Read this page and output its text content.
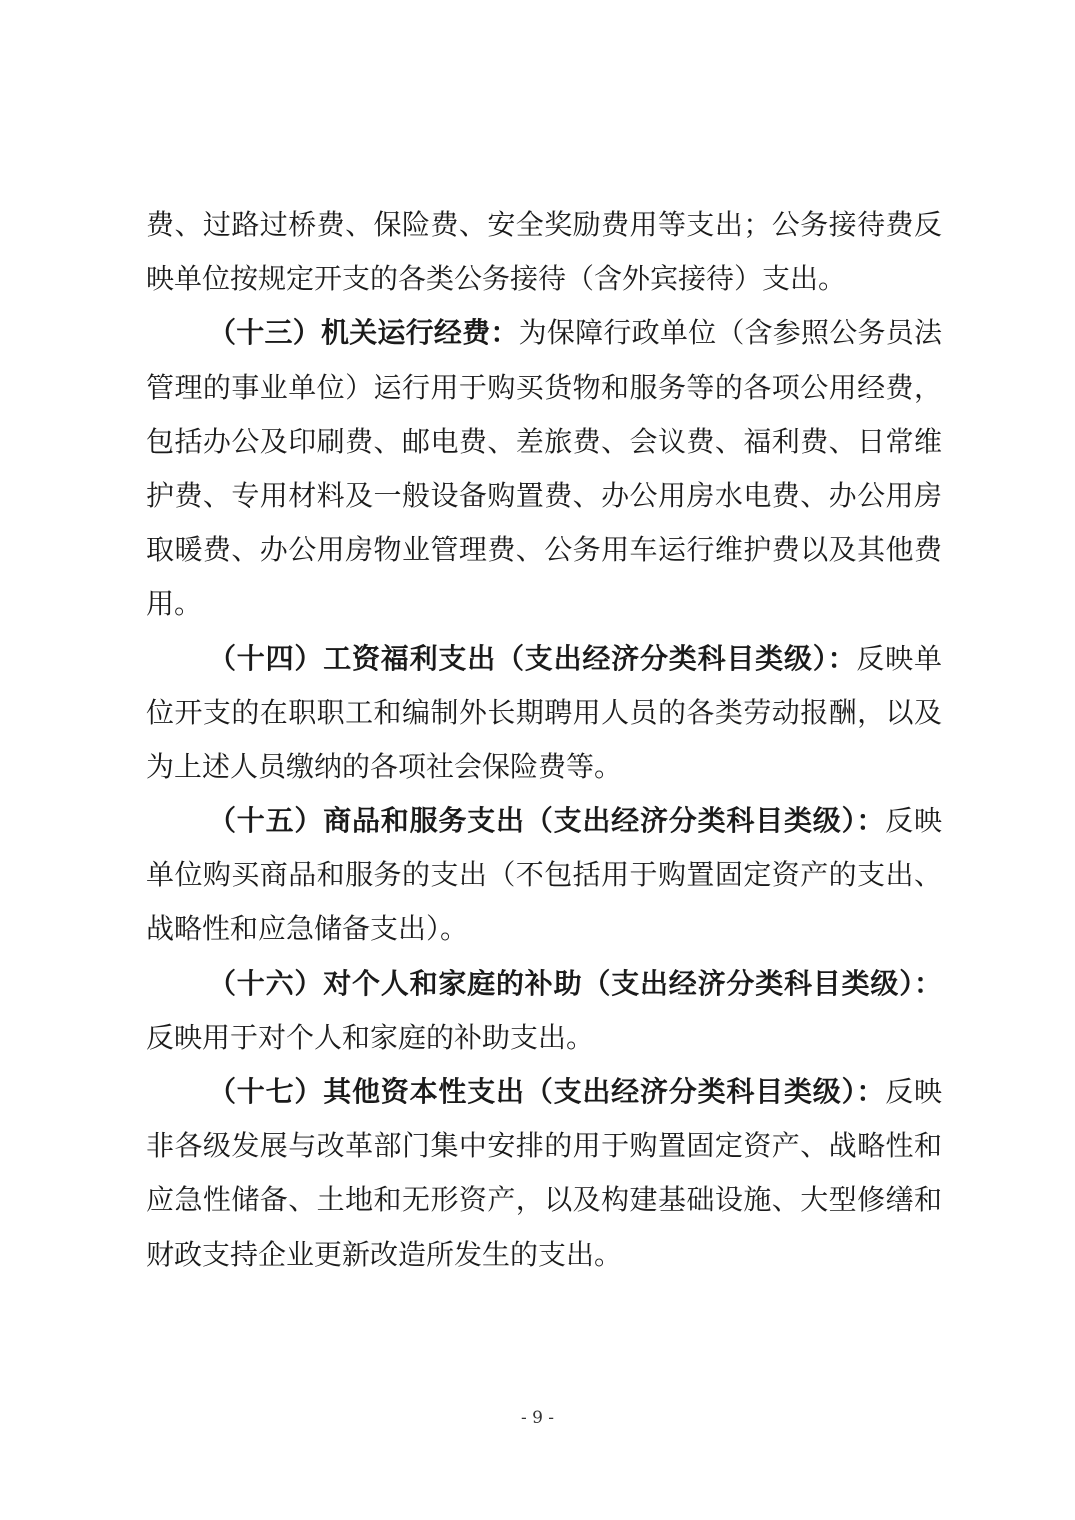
费、过路过桥费、保险费、安全奖励费用等支出；公务接待费反
映单位按规定开支的各类公务接待（含外宾接待）支出。
（十三）机关运行经费：为保障行政单位（含参照公务员法
管理的事业单位）运行用于购买货物和服务等的各项公用经费，
包括办公及印刷费、邮电费、差旅费、会议费、福利费、日常维
护费、专用材料及一般设备购置费、办公用房水电费、办公用房
取暖费、办公用房物业管理费、公务用车运行维护费以及其他费
用。
（十四）工资福利支出（支出经济分类科目类级）：反映单
位开支的在职职工和编制外长期聘用人员的各类劳动报酬，以及
为上述人员缴纳的各项社会保险费等。
（十五）商品和服务支出（支出经济分类科目类级）：反映
单位购买商品和服务的支出（不包括用于购置固定资产的支出、
战略性和应急储备支出）。
（十六）对个人和家庭的补助（支出经济分类科目类级）：
反映用于对个人和家庭的补助支出。
（十七）其他资本性支出（支出经济分类科目类级）：反映
非各级发展与改革部门集中安排的用于购置固定资产、战略性和
应急性储备、土地和无形资产，以及构建基础设施、大型修缮和
财政支持企业更新改造所发生的支出。
- 9 -
